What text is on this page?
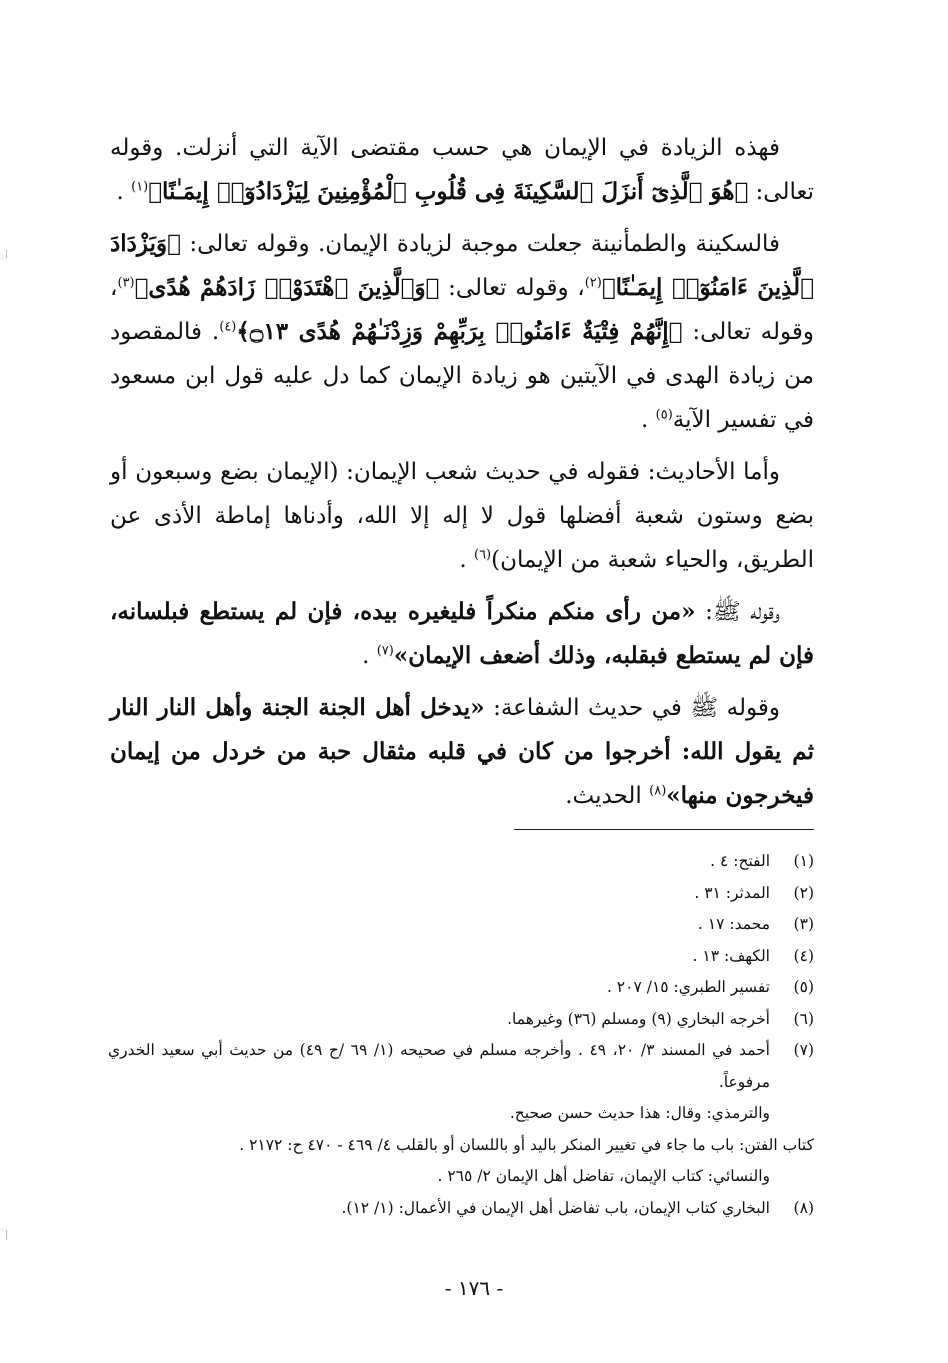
فهذه الزيادة في الإيمان هي حسب مقتضى الآية التي أنزلت. وقوله تعالى: ﴿هُوَ ٱلَّذِىٓ أَنزَلَ ٱلسَّكِينَةَ فِى قُلُوبِ ٱلْمُؤْمِنِينَ لِيَزْدَادُوٓا۟ إِيمَـٰنًا﴾$^{(١)}$ .

فالسكينة والطمأنينة جعلت موجبة لزيادة الإيمان. وقوله تعالى: ﴿وَيَزْدَادَ ٱلَّذِينَ ءَامَنُوٓا۟ إِيمَـٰنًا﴾$^{(٢)}$، وقوله تعالى: ﴿وَٱلَّذِينَ ٱهْتَدَوْا۟ زَادَهُمْ هُدًى﴾$^{(٣)}$، وقوله تعالى: ﴿إِنَّهُمْ فِتْيَةٌ ءَامَنُوا۟ بِرَبِّهِمْ وَزِدْنَـٰهُمْ هُدًى ۝١٣﴾$^{(٤)}$. فالمقصود من زيادة الهدى في الآيتين هو زيادة الإيمان كما دل عليه قول ابن مسعود في تفسير الآية$^{(٥)}$ .

وأما الأحاديث: فقوله في حديث شعب الإيمان: (الإيمان بضع وسبعون أو بضع وستون شعبة أفضلها قول لا إله إلا الله، وأدناها إماطة الأذى عن الطريق، والحياء شعبة من الإيمان)$^{(٦)}$ .

وقوله ﷺ: «من رأى منكم منكراً فليغيره بيده، فإن لم يستطع فبلسانه، فإن لم يستطع فبقلبه، وذلك أضعف الإيمان»$^{(٧)}$ .

وقوله ﷺ في حديث الشفاعة: «يدخل أهل الجنة الجنة وأهل النار النار ثم يقول الله: أخرجوا من كان في قلبه مثقال حبة من خردل من إيمان فيخرجون منها»$^{(٨)}$ الحديث.

(١)
الفتح: ٤ .
(٢)
المدثر: ٣١ .
(٣)
محمد: ١٧ .
(٤)
الكهف: ١٣ .
(٥)
تفسير الطبري: ١٥/ ٢٠٧ .
(٦)
أخرجه البخاري (٩) ومسلم (٣٦) وغيرهما.
(٧)
أحمد في المسند ٣/ ٢٠، ٤٩ . وأخرجه مسلم في صحيحه (١/ ٦٩ /ح ٤٩) من حديث أبي سعيد الخدري مرفوعاً.
والترمذي: وقال: هذا حديث حسن صحيح.
كتاب الفتن: باب ما جاء في تغيير المنكر باليد أو باللسان أو بالقلب ٤/ ٤٦٩ - ٤٧٠ ح: ٢١٧٢ .
والنسائي: كتاب الإيمان، تفاضل أهل الإيمان ٢/ ٢٦٥ .
(٨)
البخاري كتاب الإيمان، باب تفاضل أهل الإيمان في الأعمال: (١/ ١٢).
- ١٧٦ -
